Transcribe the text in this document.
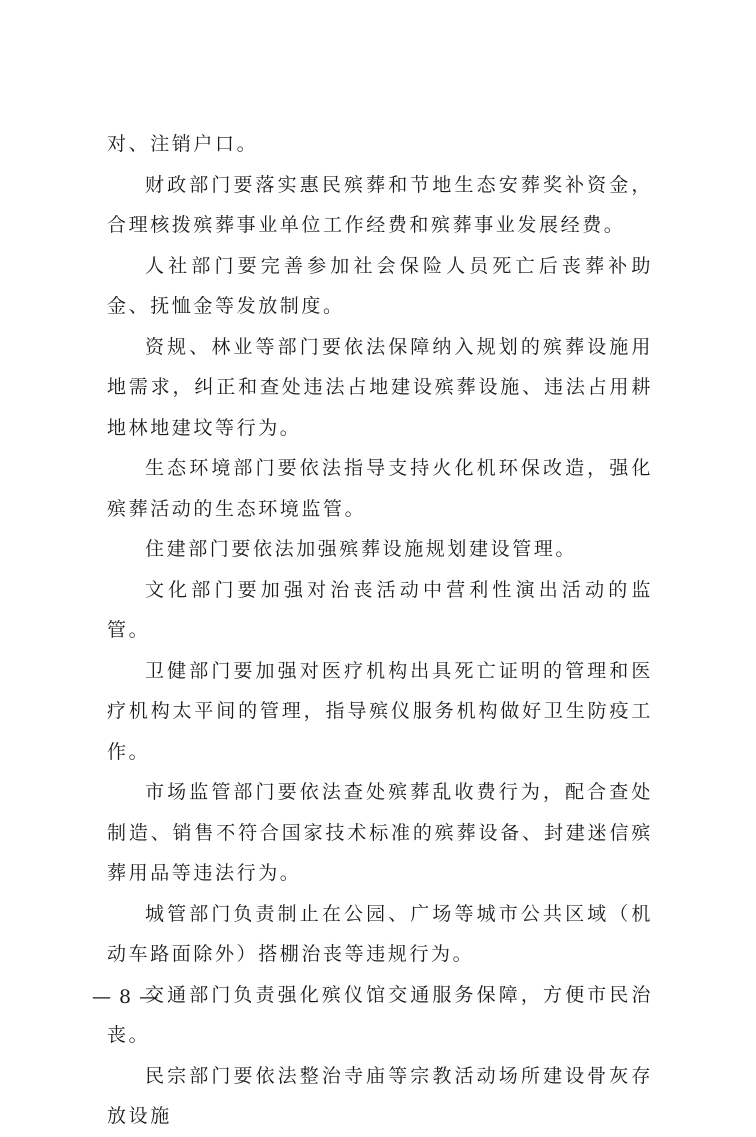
对、注销户口。

财政部门要落实惠民殡葬和节地生态安葬奖补资金，合理核拨殡葬事业单位工作经费和殡葬事业发展经费。

人社部门要完善参加社会保险人员死亡后丧葬补助金、抚恤金等发放制度。

资规、林业等部门要依法保障纳入规划的殡葬设施用地需求，纠正和查处违法占地建设殡葬设施、违法占用耕地林地建坟等行为。

生态环境部门要依法指导支持火化机环保改造，强化殡葬活动的生态环境监管。

住建部门要依法加强殡葬设施规划建设管理。

文化部门要加强对治丧活动中营利性演出活动的监管。

卫健部门要加强对医疗机构出具死亡证明的管理和医疗机构太平间的管理，指导殡仪服务机构做好卫生防疫工作。

市场监管部门要依法查处殡葬乱收费行为，配合查处制造、销售不符合国家技术标准的殡葬设备、封建迷信殡葬用品等违法行为。

城管部门负责制止在公园、广场等城市公共区域（机动车路面除外）搭棚治丧等违规行为。

交通部门负责强化殡仪馆交通服务保障，方便市民治丧。

民宗部门要依法整治寺庙等宗教活动场所建设骨灰存放设施

— 8 —
